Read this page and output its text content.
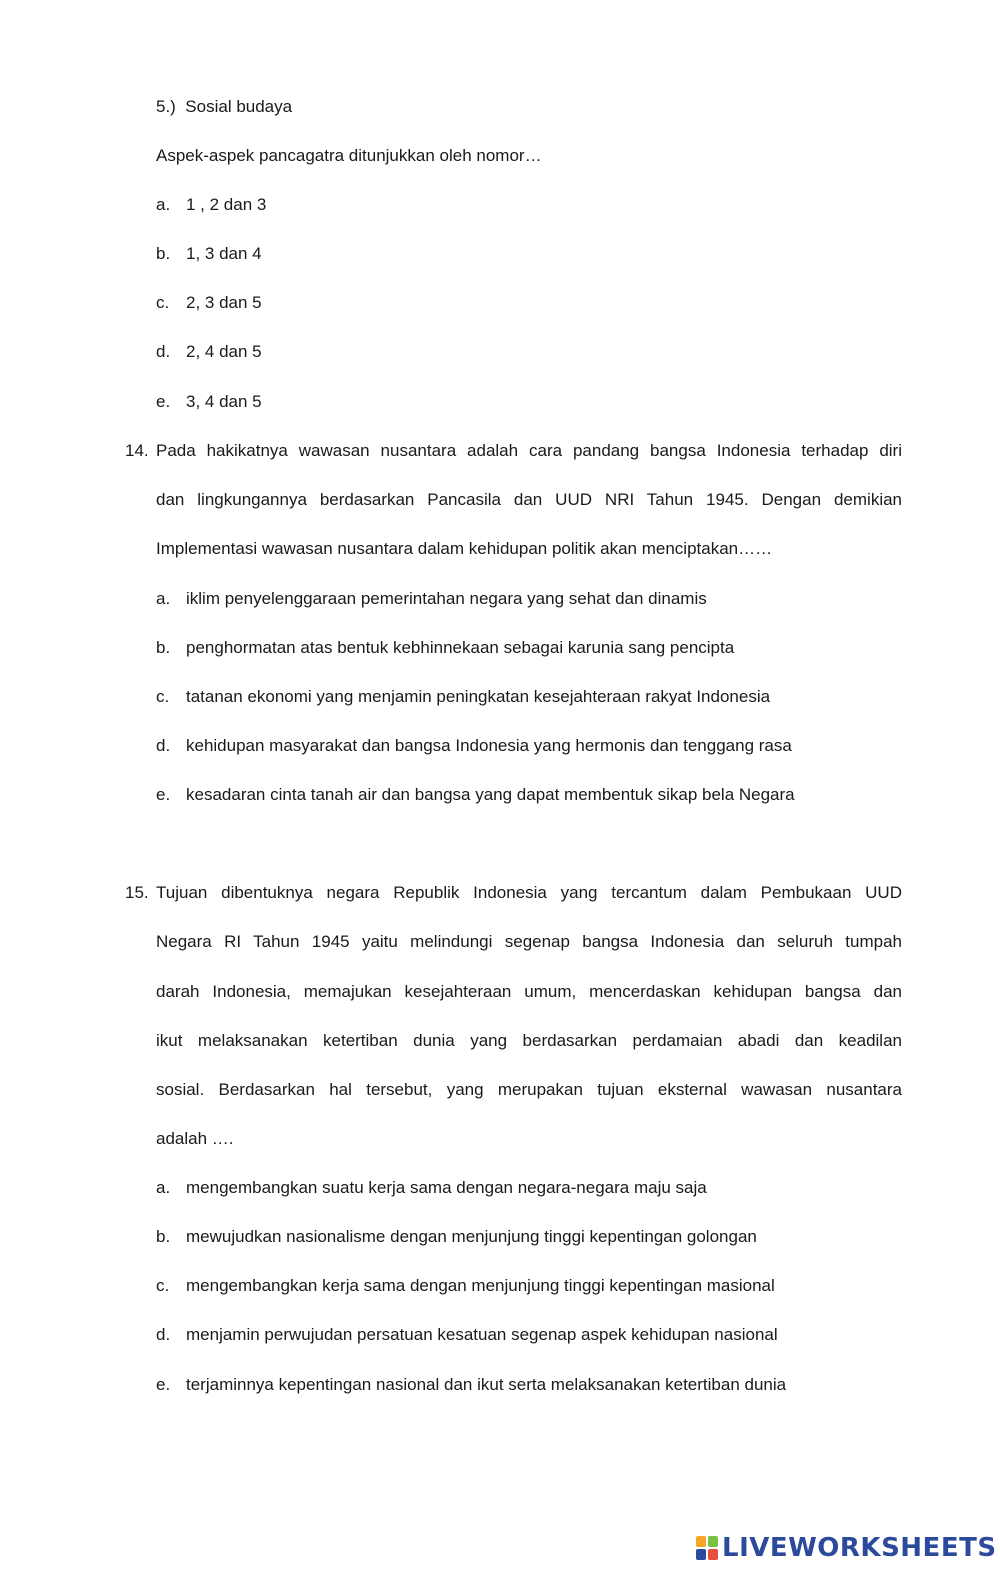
5.) Sosial budaya
Aspek-aspek pancagatra ditunjukkan oleh nomor…
a. 1 , 2 dan 3
b. 1, 3 dan 4
c. 2, 3 dan 5
d. 2, 4 dan 5
e. 3, 4 dan 5
14. Pada hakikatnya wawasan nusantara adalah cara pandang bangsa Indonesia terhadap diri
dan lingkungannya berdasarkan Pancasila dan UUD NRI Tahun 1945. Dengan demikian
Implementasi wawasan nusantara dalam kehidupan politik akan menciptakan……
a. iklim penyelenggaraan pemerintahan negara yang sehat dan dinamis
b. penghormatan atas bentuk kebhinnekaan sebagai karunia sang pencipta
c. tatanan ekonomi yang menjamin peningkatan kesejahteraan rakyat Indonesia
d. kehidupan masyarakat dan bangsa Indonesia yang hermonis dan tenggang rasa
e. kesadaran cinta tanah air dan bangsa yang dapat membentuk sikap bela Negara
15. Tujuan dibentuknya negara Republik Indonesia yang tercantum dalam Pembukaan UUD
Negara RI Tahun 1945 yaitu melindungi segenap bangsa Indonesia dan seluruh tumpah
darah Indonesia, memajukan kesejahteraan umum, mencerdaskan kehidupan bangsa dan
ikut melaksanakan ketertiban dunia yang berdasarkan perdamaian abadi dan keadilan
sosial. Berdasarkan hal tersebut, yang merupakan tujuan eksternal wawasan nusantara
adalah ….
a. mengembangkan suatu kerja sama dengan negara-negara maju saja
b. mewujudkan nasionalisme dengan menjunjung tinggi kepentingan golongan
c. mengembangkan kerja sama dengan menjunjung tinggi kepentingan masional
d. menjamin perwujudan persatuan kesatuan segenap aspek kehidupan nasional
e. terjaminnya kepentingan nasional dan ikut serta melaksanakan ketertiban dunia
LIVEWORKSHEETS
